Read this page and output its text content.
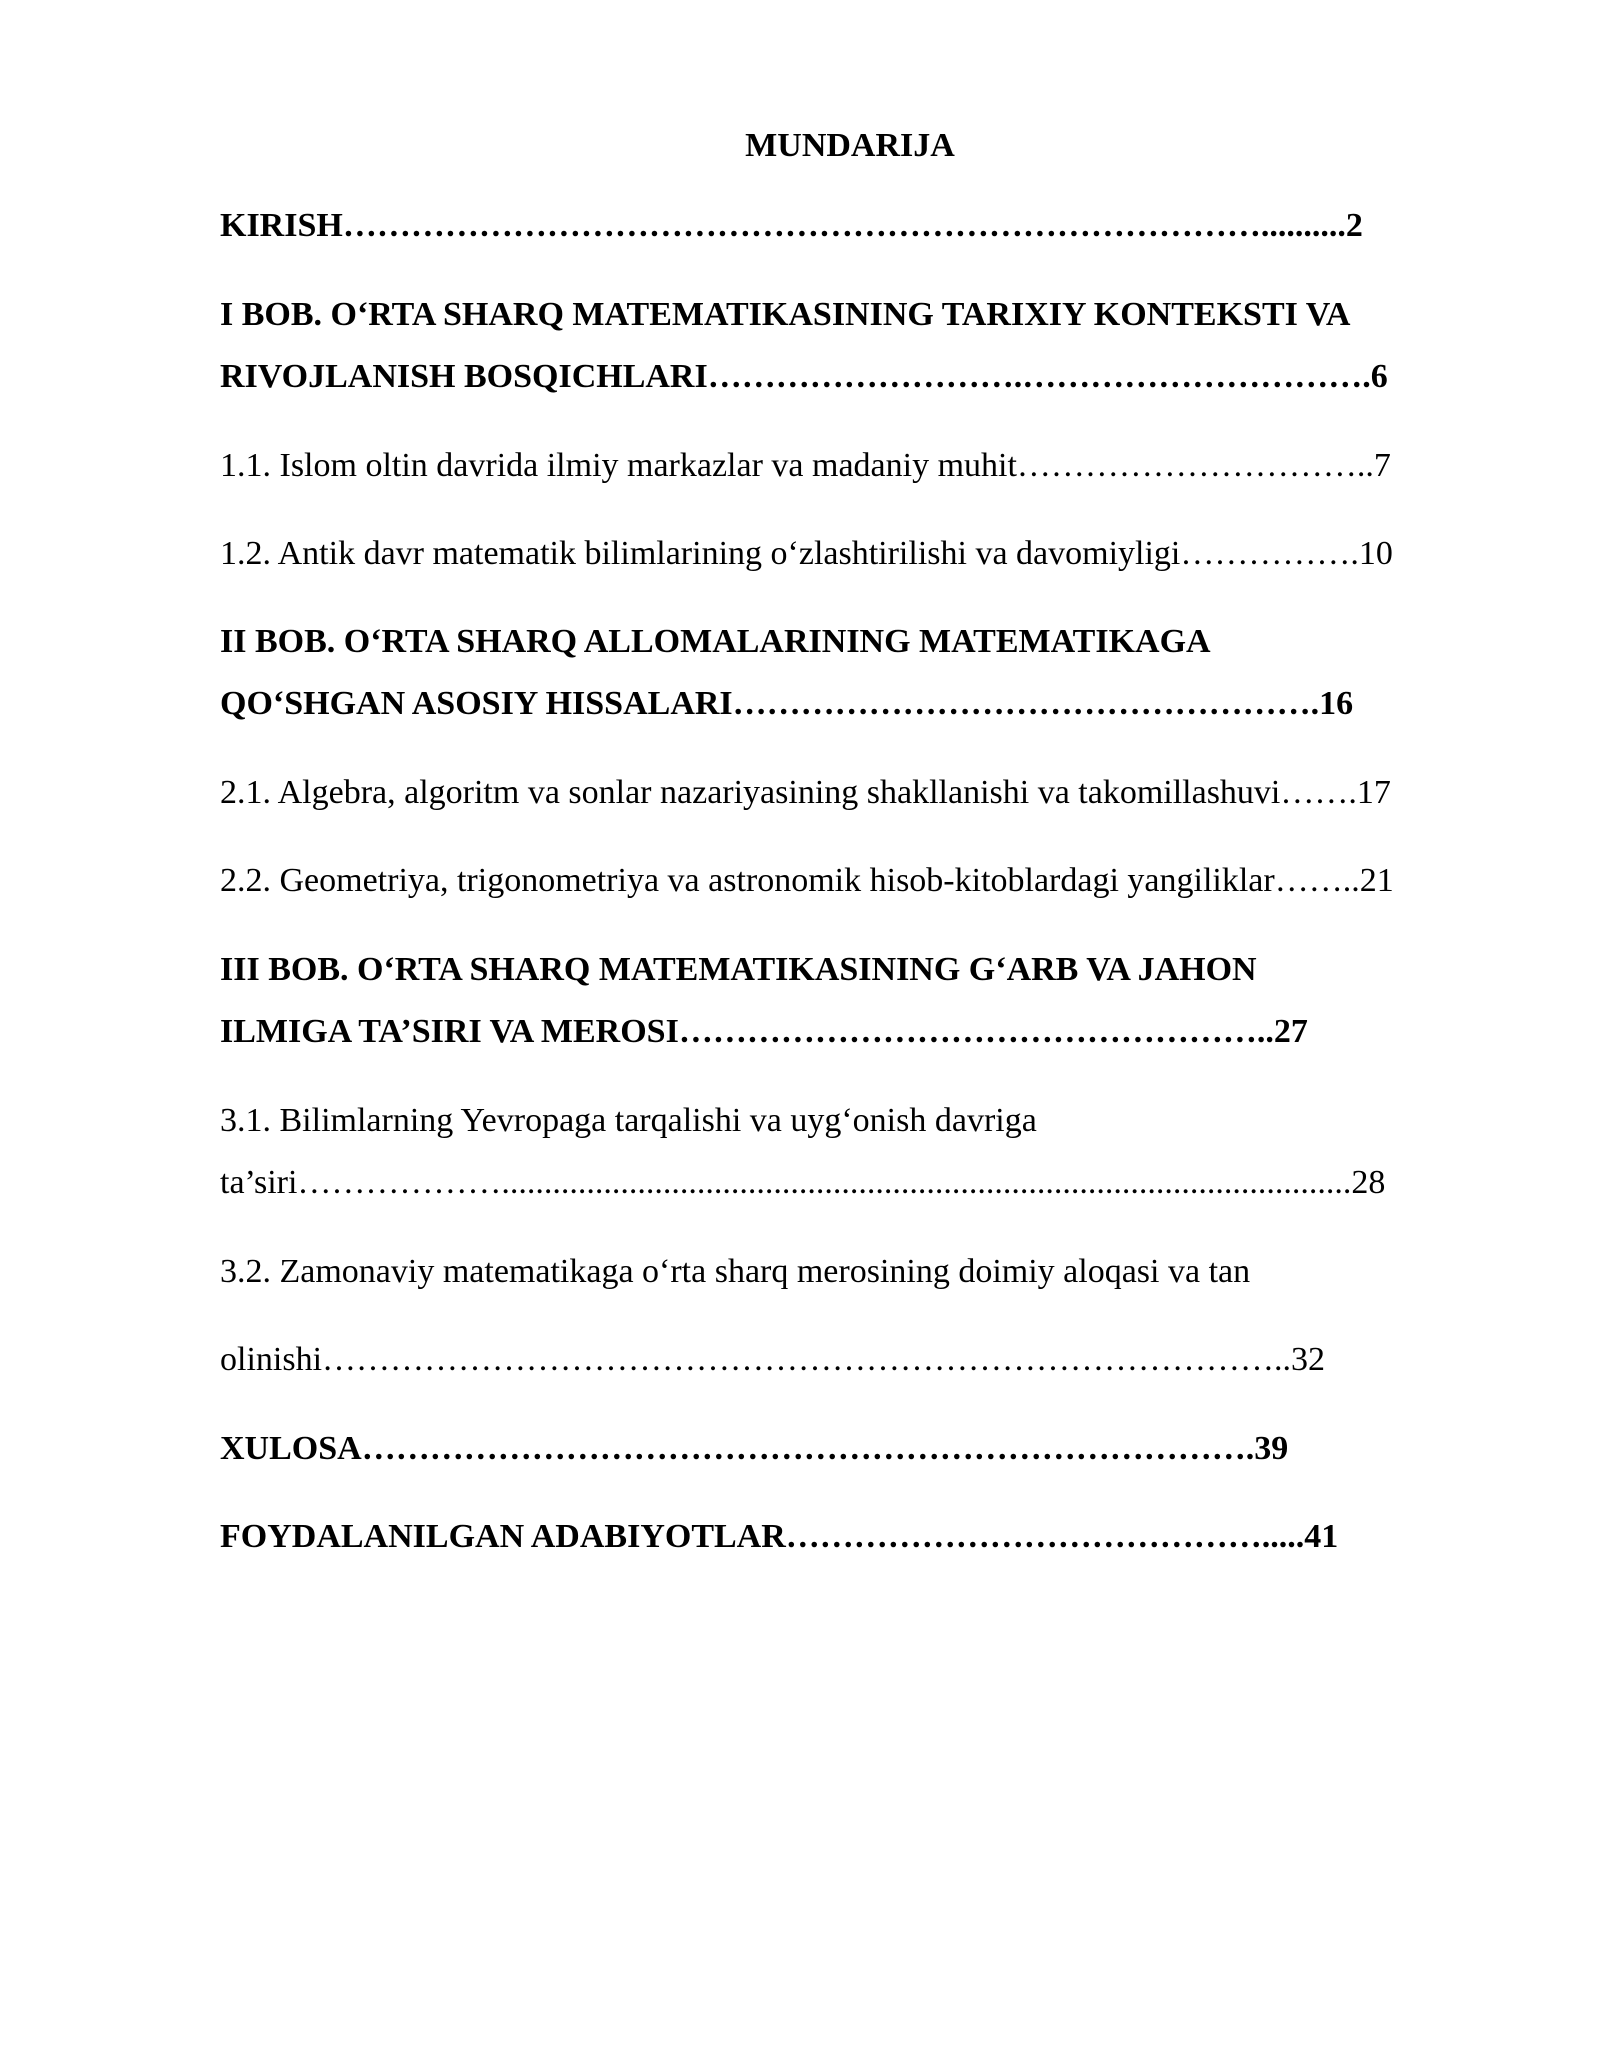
MUNDARIJA
KIRISH………………………………………………………………………..........2
I BOB. O‘RTA SHARQ MATEMATIKASINING TARIXIY KONTEKSTI VA
RIVOJLANISH BOSQICHLARI……………………….………………………….6
1.1. Islom oltin davrida ilmiy markazlar va madaniy muhit…………………………..7
1.2. Antik davr matematik bilimlarining o‘zlashtirilishi va davomiyligi…………….10
II BOB. O‘RTA SHARQ ALLOMALARINING MATEMATIKAGA
QO‘SHGAN ASOSIY HISSALARI…………………………………………….16
2.1. Algebra, algoritm va sonlar nazariyasining shakllanishi va takomillashuvi…….17
2.2. Geometriya, trigonometriya va astronomik hisob-kitoblardagi yangiliklar……..21
III BOB. O‘RTA SHARQ MATEMATIKASINING G‘ARB VA JAHON
ILMIGA TA’SIRI VA MEROSI……………………………………………..27
3.1. Bilimlarning Yevropaga tarqalishi va uyg‘onish davriga
ta’siri………………....................................................................................................28
3.2. Zamonaviy matematikaga o‘rta sharq merosining doimiy aloqasi va tan
olinishi…………………………………………………………………………..32
XULOSA…………………………………………………………………….39
FOYDALANILGAN ADABIYOTLAR…………………………………….....41
